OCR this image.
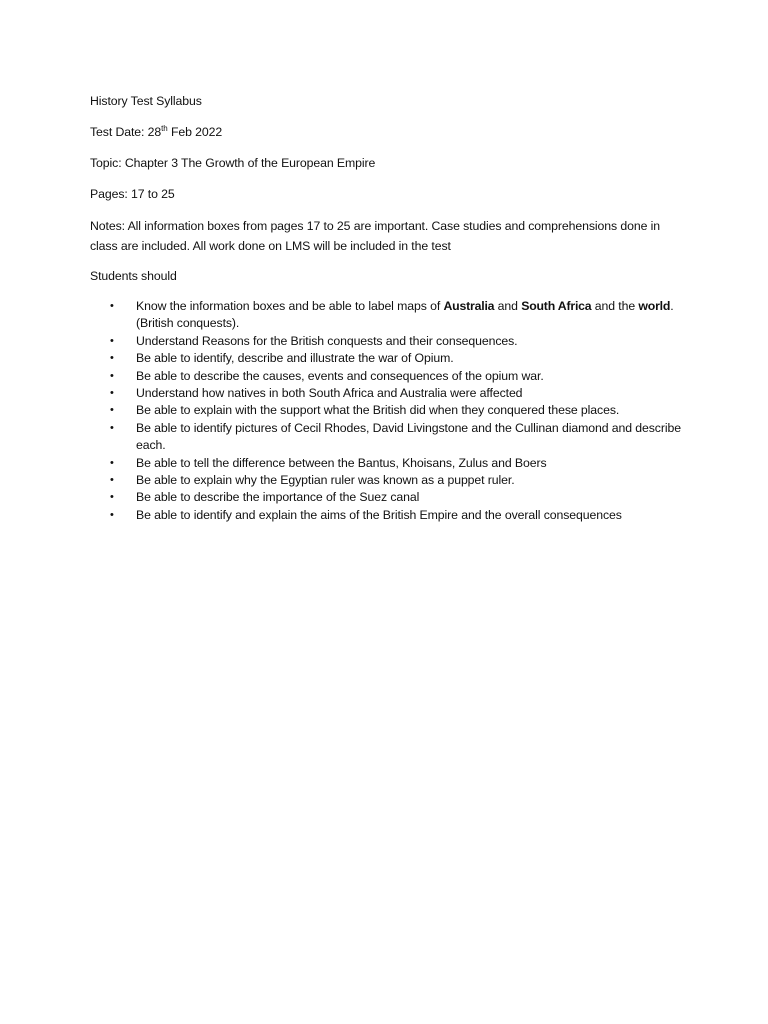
History Test Syllabus
Test Date: 28th Feb 2022
Topic: Chapter 3 The Growth of the European Empire
Pages: 17 to 25
Notes: All information boxes from pages 17 to 25 are important. Case studies and comprehensions done in class are included. All work done on LMS will be included in the test
Students should
• Know the information boxes and be able to label maps of Australia and South Africa and the world. (British conquests).
• Understand Reasons for the British conquests and their consequences.
• Be able to identify, describe and illustrate the war of Opium.
• Be able to describe the causes, events and consequences of the opium war.
• Understand how natives in both South Africa and Australia were affected
• Be able to explain with the support what the British did when they conquered these places.
• Be able to identify pictures of Cecil Rhodes, David Livingstone and the Cullinan diamond and describe each.
• Be able to tell the difference between the Bantus, Khoisans, Zulus and Boers
• Be able to explain why the Egyptian ruler was known as a puppet ruler.
• Be able to describe the importance of the Suez canal
• Be able to identify and explain the aims of the British Empire and the overall consequences
